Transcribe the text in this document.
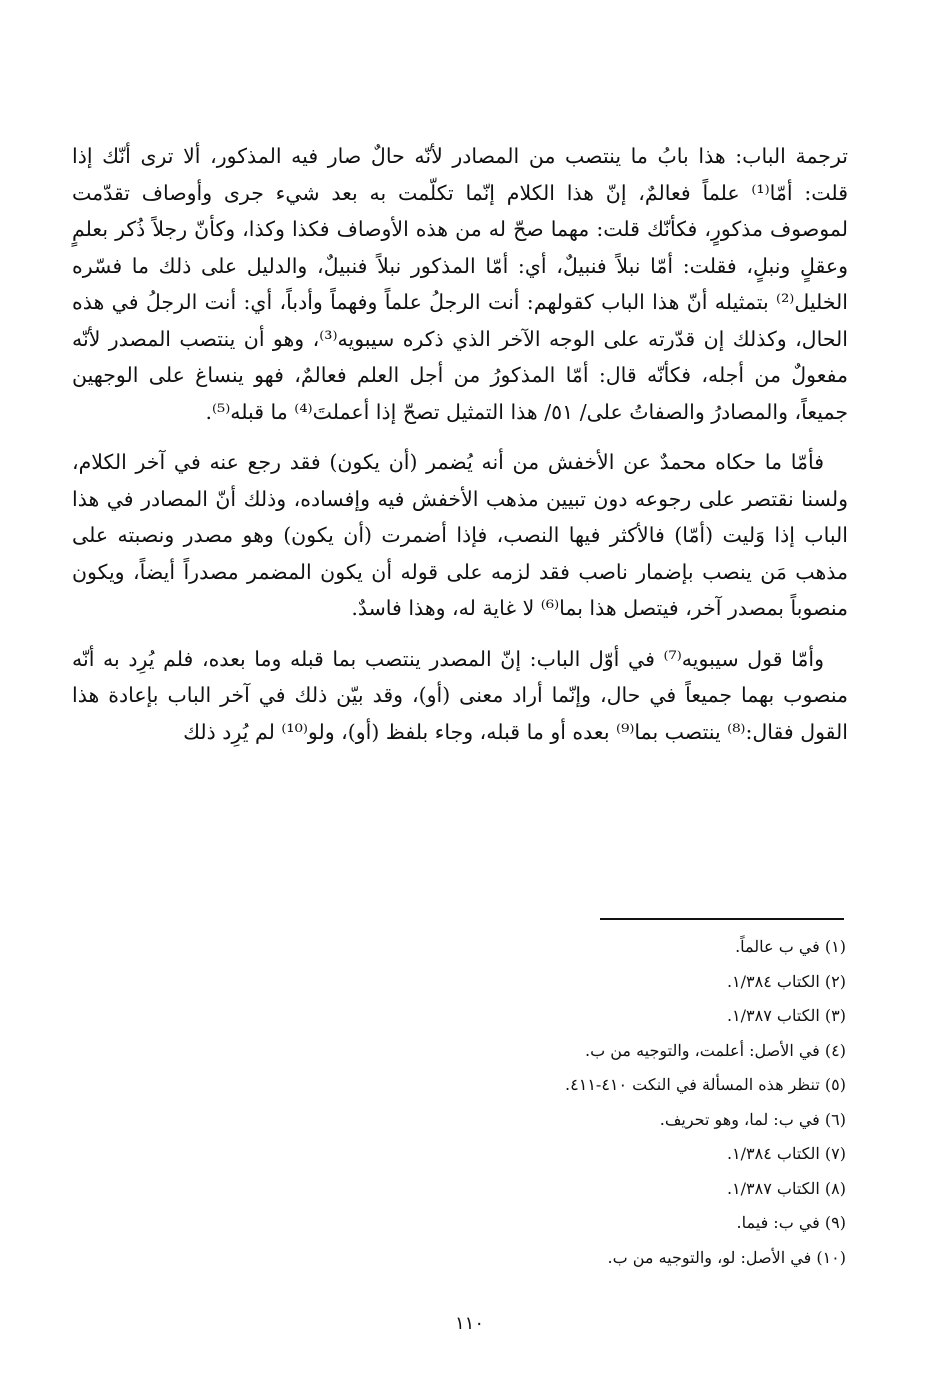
ترجمة الباب: هذا بابُ ما ينتصب من المصادر لأنّه حالٌ صار فيه المذكور، ألا ترى أنّك إذا قلت: أمّا⁽¹⁾ علماً فعالمٌ، إنّ هذا الكلام إنّما تكلّمت به بعد شيء جرى وأوصاف تقدّمت لموصوف مذكورٍ، فكأنّك قلت: مهما صحّ له من هذه الأوصاف فكذا وكذا، وكأنّ رجلاً ذُكر بعلمٍ وعقلٍ ونبلٍ، فقلت: أمّا نبلاً فنبيلٌ، أي: أمّا المذكور نبلاً فنبيلٌ، والدليل على ذلك ما فسّره الخليل⁽²⁾ بتمثيله أنّ هذا الباب كقولهم: أنت الرجلُ علماً وفهماً وأدباً، أي: أنت الرجلُ في هذه الحال، وكذلك إن قدّرته على الوجه الآخر الذي ذكره سيبويه⁽³⁾، وهو أن ينتصب المصدر لأنّه مفعولٌ من أجله، فكأنّه قال: أمّا المذكورُ من أجل العلم فعالمٌ، فهو ينساغ على الوجهين جميعاً، والمصادرُ والصفاتُ على/ ٥١/ هذا التمثيل تصحّ إذا أعملتَ⁽⁴⁾ ما قبله⁽⁵⁾.

فأمّا ما حكاه محمدٌ عن الأخفش من أنه يُضمر (أن يكون) فقد رجع عنه في آخر الكلام، ولسنا نقتصر على رجوعه دون تبيين مذهب الأخفش فيه وإفساده، وذلك أنّ المصادر في هذا الباب إذا وَليت (أمّا) فالأكثر فيها النصب، فإذا أضمرت (أن يكون) وهو مصدر ونصبته على مذهب مَن ينصب بإضمار ناصب فقد لزمه على قوله أن يكون المضمر مصدراً أيضاً، ويكون منصوباً بمصدر آخر، فيتصل هذا بما⁽⁶⁾ لا غاية له، وهذا فاسدٌ.

وأمّا قول سيبويه⁽⁷⁾ في أوّل الباب: إنّ المصدر ينتصب بما قبله وما بعده، فلم يُرِد به أنّه منصوب بهما جميعاً في حال، وإنّما أراد معنى (أو)، وقد بيّن ذلك في آخر الباب بإعادة هذا القول فقال:⁽⁸⁾ ينتصب بما⁽⁹⁾ بعده أو ما قبله، وجاء بلفظ (أو)، ولو⁽¹⁰⁾ لم يُرِد ذلك

(١) في ب عالماً.
(٢) الكتاب ١/٣٨٤.
(٣) الكتاب ١/٣٨٧.
(٤) في الأصل: أعلمت، والتوجيه من ب.
(٥) تنظر هذه المسألة في النكت ٤١٠-٤١١.
(٦) في ب: لما، وهو تحريف.
(٧) الكتاب ١/٣٨٤.
(٨) الكتاب ١/٣٨٧.
(٩) في ب: فيما.
(١٠) في الأصل: لو، والتوجيه من ب.
١١٠
